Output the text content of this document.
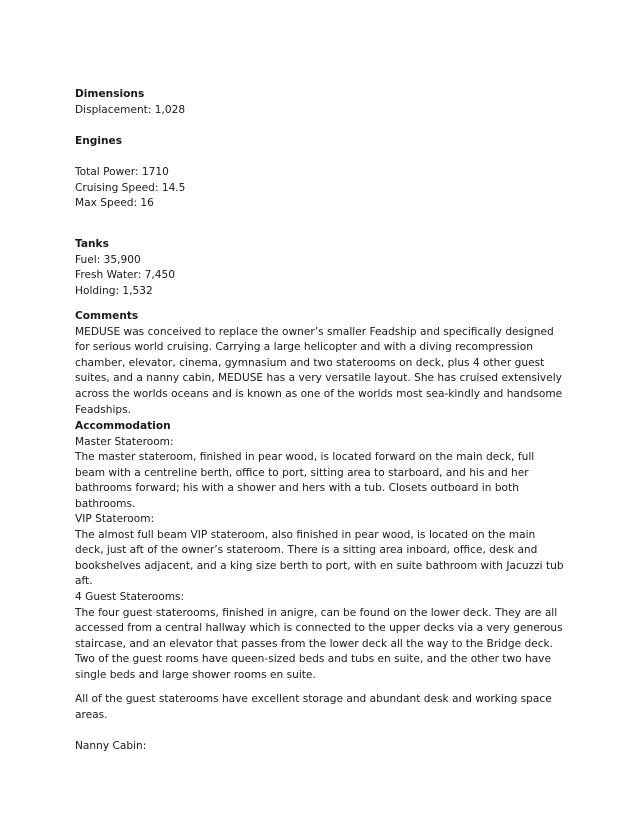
Dimensions

Displacement: 1,028

Engines

Total Power: 1710

Cruising Speed: 14.5

Max Speed: 16

Tanks

Fuel: 35,900

Fresh Water: 7,450

Holding: 1,532

Comments

MEDUSE was conceived to replace the owner’s smaller Feadship and specifically designed

for serious world cruising. Carrying a large helicopter and with a diving recompression

chamber, elevator, cinema, gymnasium and two staterooms on deck, plus 4 other guest

suites, and a nanny cabin, MEDUSE has a very versatile layout. She has cruised extensively

across the worlds oceans and is known as one of the worlds most sea-kindly and handsome

Feadships.

Accommodation

Master Stateroom:

The master stateroom, finished in pear wood, is located forward on the main deck, full

beam with a centreline berth, office to port, sitting area to starboard, and his and her

bathrooms forward; his with a shower and hers with a tub. Closets outboard in both

bathrooms.

VIP Stateroom:

The almost full beam VIP stateroom, also finished in pear wood, is located on the main

deck, just aft of the owner’s stateroom. There is a sitting area inboard, office, desk and

bookshelves adjacent, and a king size berth to port, with en suite bathroom with Jacuzzi tub

aft.

4 Guest Staterooms:

The four guest staterooms, finished in anigre, can be found on the lower deck. They are all

accessed from a central hallway which is connected to the upper decks via a very generous

staircase, and an elevator that passes from the lower deck all the way to the Bridge deck.

Two of the guest rooms have queen-sized beds and tubs en suite, and the other two have

single beds and large shower rooms en suite.

All of the guest staterooms have excellent storage and abundant desk and working space

areas.

Nanny Cabin:
